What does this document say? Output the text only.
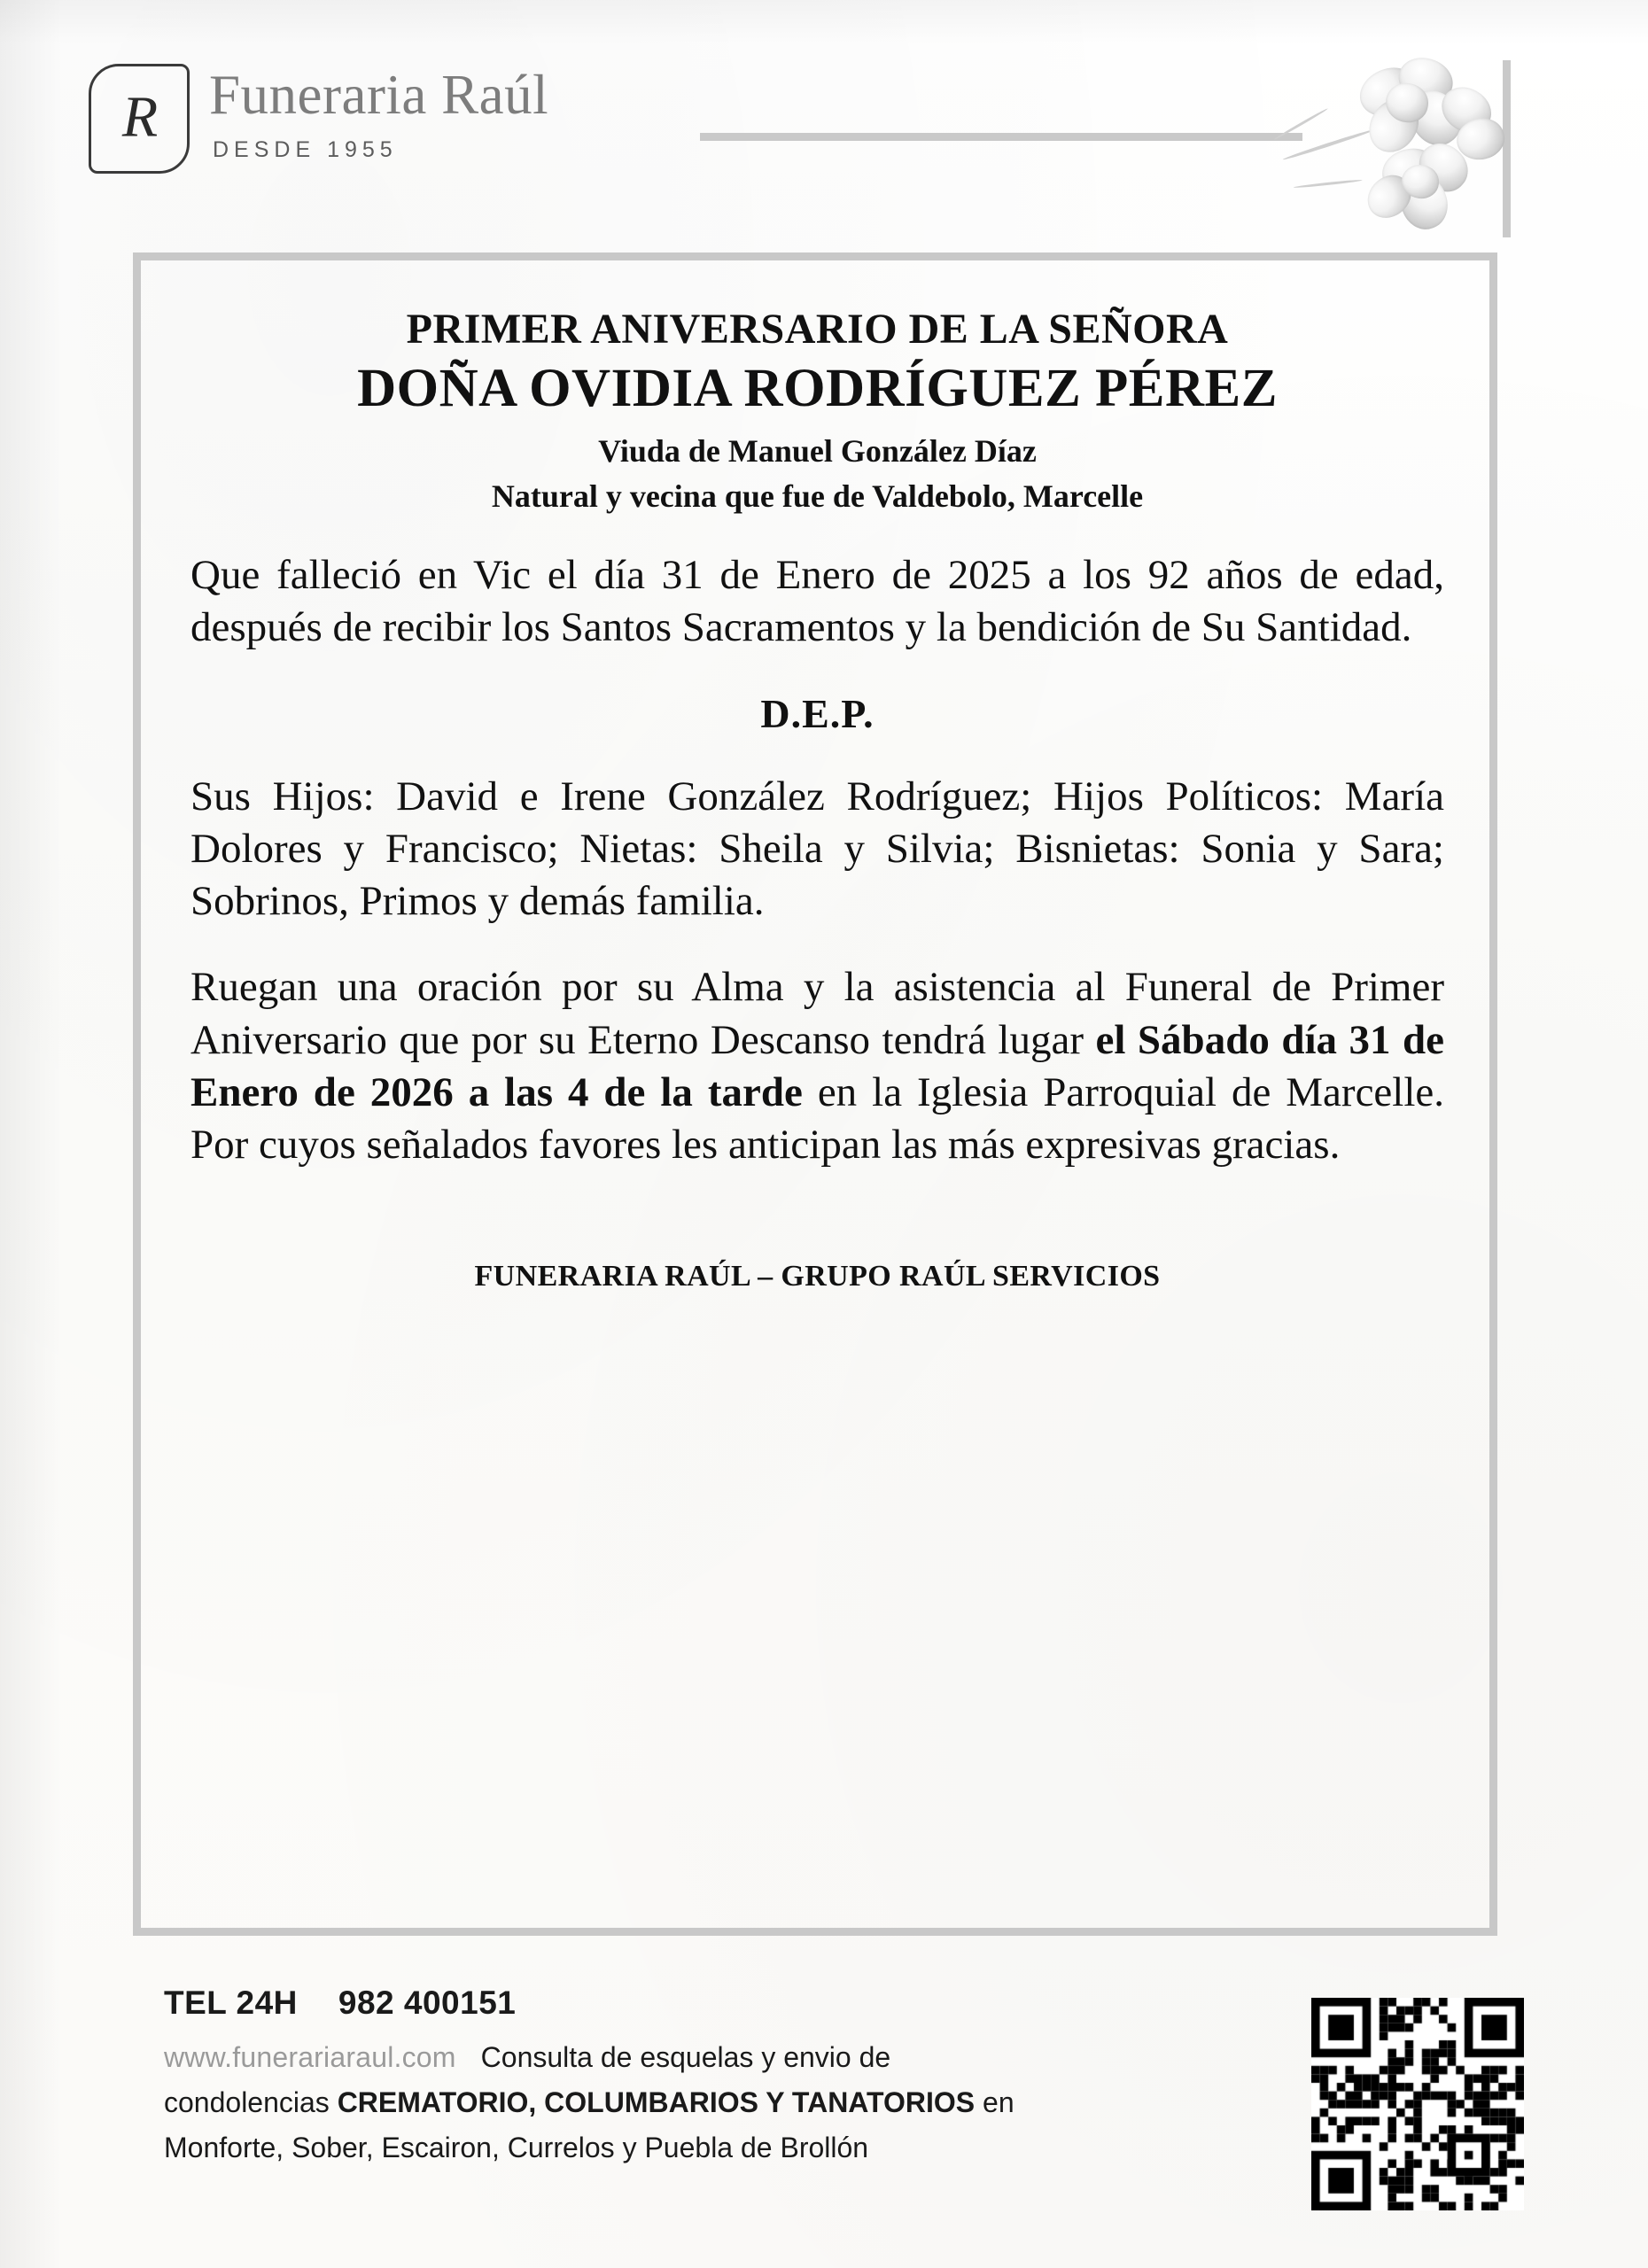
R Funeraria Raúl
DESDE 1955
PRIMER ANIVERSARIO DE LA SEÑORA
DOÑA OVIDIA RODRÍGUEZ PÉREZ
Viuda de Manuel González Díaz
Natural y vecina que fue de Valdebolo, Marcelle
Que falleció en Vic el día 31 de Enero de 2025 a los 92 años de edad, después de recibir los Santos Sacramentos y la bendición de Su Santidad.
D.E.P.
Sus Hijos: David e Irene González Rodríguez; Hijos Políticos: María Dolores y Francisco; Nietas: Sheila y Silvia; Bisnietas: Sonia y Sara; Sobrinos, Primos y demás familia.
Ruegan una oración por su Alma y la asistencia al Funeral de Primer Aniversario que por su Eterno Descanso tendrá lugar el Sábado día 31 de Enero de 2026 a las 4 de la tarde en la Iglesia Parroquial de Marcelle. Por cuyos señalados favores les anticipan las más expresivas gracias.
FUNERARIA RAÚL – GRUPO RAÚL SERVICIOS
TEL 24H 982 400151
www.funerariaraul.com Consulta de esquelas y envio de
condolencias CREMATORIO, COLUMBARIOS Y TANATORIOS en
Monforte, Sober, Escairon, Currelos y Puebla de Brollón
